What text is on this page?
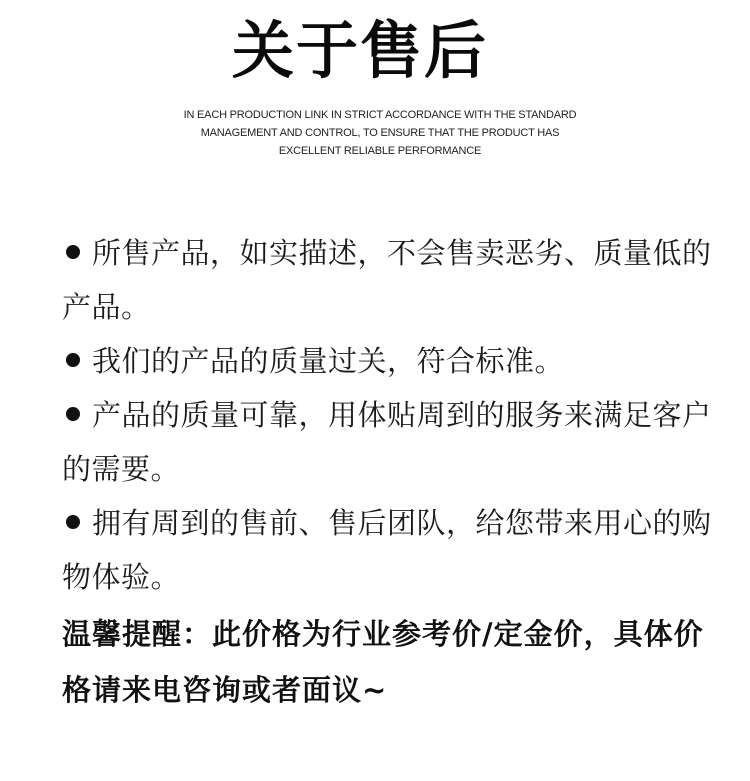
关于售后
IN EACH PRODUCTION LINK IN STRICT ACCORDANCE WITH THE STANDARD
MANAGEMENT AND CONTROL, TO ENSURE THAT THE PRODUCT HAS
EXCELLENT RELIABLE PERFORMANCE

所售产品，如实描述，不会售卖恶劣、质量低的产品。

我们的产品的质量过关，符合标准。

产品的质量可靠，用体贴周到的服务来满足客户的需要。

拥有周到的售前、售后团队，给您带来用心的购物体验。

温馨提醒：此价格为行业参考价/定金价，具体价格请来电咨询或者面议~
